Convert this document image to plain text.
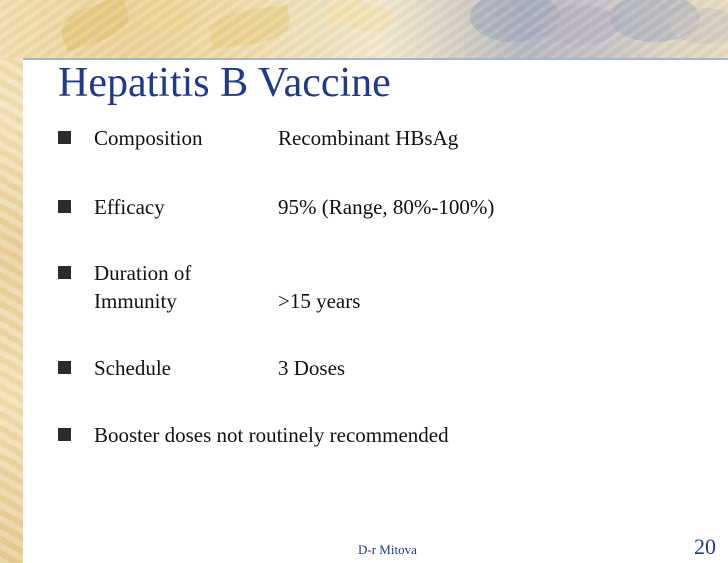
Hepatitis B Vaccine
Composition	Recombinant HBsAg
Efficacy	95% (Range, 80%-100%)
Duration of
Immunity	>15 years
Schedule	3 Doses
Booster doses not routinely recommended
D-r Mitova	20
